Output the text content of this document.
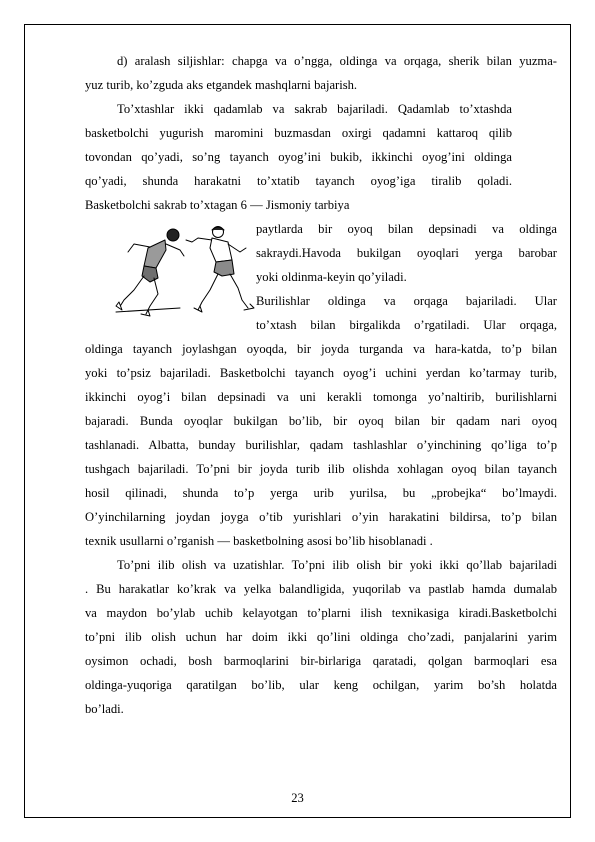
d) aralash siljishlar: chapga va o’ngga, oldinga va orqaga, sherik bilan yuzma-

yuz turib, ko’zguda aks etgandek mashqlarni bajarish.

To’xtashlar ikki qadamlab va sakrab bajariladi. Qadamlab to’xtashda

basketbolchi yugurish maromini buzmasdan oxirgi qadamni kattaroq qilib

tovondan qo’yadi, so’ng tayanch oyog’ini bukib, ikkinchi oyog’ini oldinga

qo’yadi, shunda harakatni to’xtatib tayanch oyog’iga tiralib qoladi.

Basketbolchi sakrab to’xtagan 6 — Jismoniy tarbiya

paytlarda bir oyoq bilan depsinadi va oldinga

sakraydi.Havoda bukilgan oyoqlari yerga barobar

yoki oldinma-keyin qo’yiladi.

Burilishlar oldinga va orqaga bajariladi. Ular

to’xtash bilan birgalikda o’rgatiladi. Ular orqaga,

oldinga tayanch joylashgan oyoqda, bir joyda turganda va hara-katda, to’p bilan

yoki to’psiz bajariladi. Basketbolchi tayanch oyog’i uchini yerdan ko’tarmay turib,

ikkinchi oyog’i bilan depsinadi va uni kerakli tomonga yo’naltirib, burilishlarni

bajaradi. Bunda oyoqlar bukilgan bo’lib, bir oyoq bilan bir qadam nari oyoq

tashlanadi. Albatta, bunday burilishlar, qadam tashlashlar o’yinchining qo’liga to’p

tushgach bajariladi. To’pni bir joyda turib ilib olishda xohlagan oyoq bilan tayanch

hosil qilinadi, shunda to’p yerga urib yurilsa, bu „probejka“ bo’lmaydi.

O’yinchilarning joydan joyga o’tib yurishlari o’yin harakatini bildirsa, to’p bilan

texnik usullarni o’rganish — basketbolning asosi bo’lib hisoblanadi .

To’pni ilib olish va uzatishlar. To’pni ilib olish bir yoki ikki qo’llab bajariladi

. Bu harakatlar ko’krak va yelka balandligida, yuqorilab va pastlab hamda dumalab

va maydon bo’ylab uchib kelayotgan to’plarni ilish texnikasiga kiradi.Basketbolchi

to’pni ilib olish uchun har doim ikki qo’lini oldinga cho’zadi, panjalarini yarim

oysimon ochadi, bosh barmoqlarini bir-birlariga qaratadi, qolgan barmoqlari esa

oldinga-yuqoriga qaratilgan bo’lib, ular keng ochilgan, yarim bo’sh holatda

bo’ladi.

23
